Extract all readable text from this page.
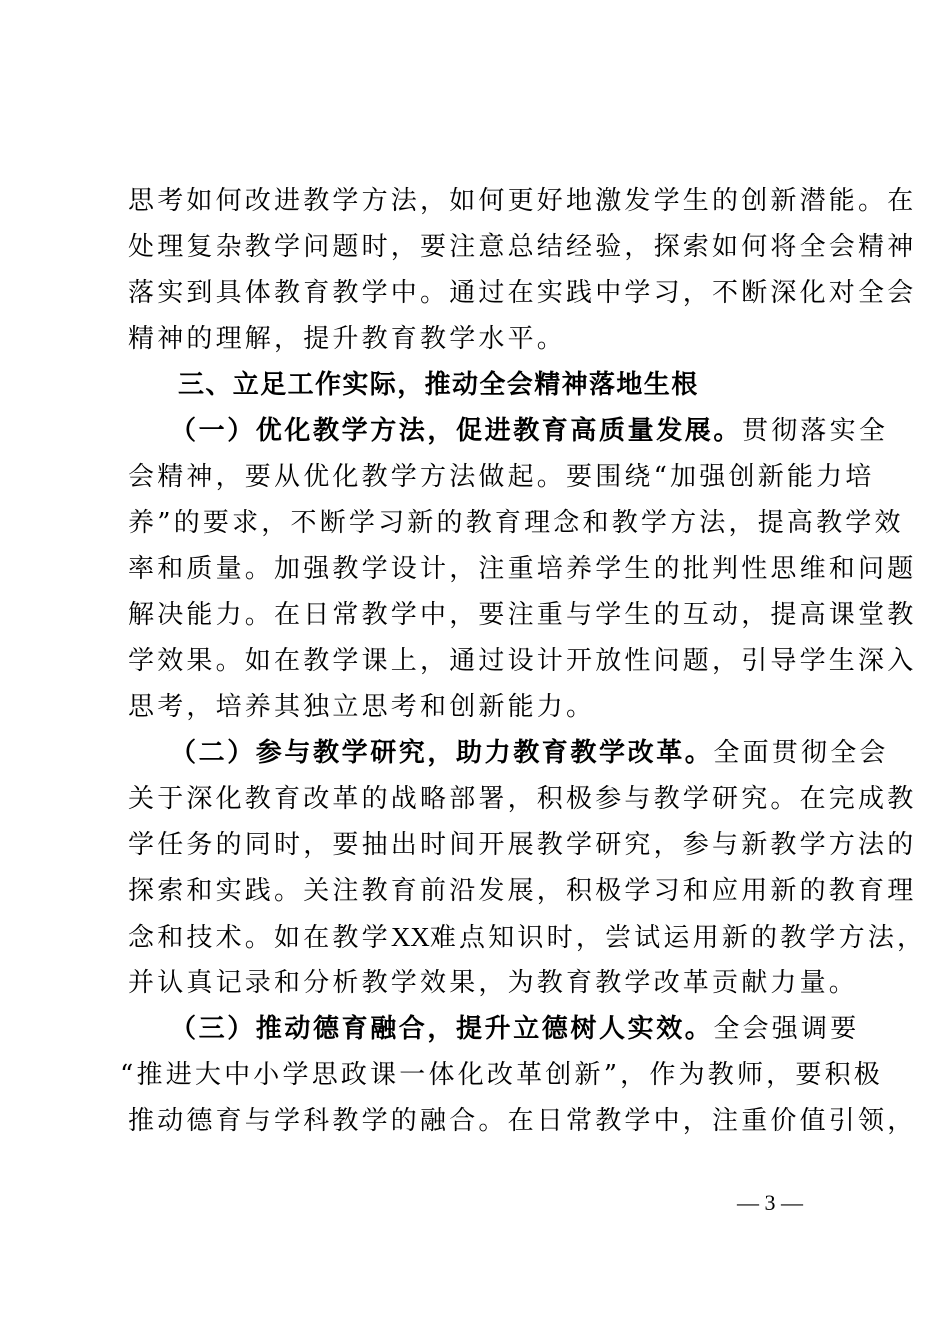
思考如何改进教学方法，如何更好地激发学生的创新潜能。在
处理复杂教学问题时，要注意总结经验，探索如何将全会精神
落实到具体教育教学中。通过在实践中学习，不断深化对全会
精神的理解，提升教育教学水平。
三、立足工作实际，推动全会精神落地生根
（一）优化教学方法，促进教育高质量发展。贯彻落实全
会精神，要从优化教学方法做起。要围绕“加强创新能力培
养”的要求，不断学习新的教育理念和教学方法，提高教学效
率和质量。加强教学设计，注重培养学生的批判性思维和问题
解决能力。在日常教学中，要注重与学生的互动，提高课堂教
学效果。如在教学课上，通过设计开放性问题，引导学生深入
思考，培养其独立思考和创新能力。
（二）参与教学研究，助力教育教学改革。全面贯彻全会
关于深化教育改革的战略部署，积极参与教学研究。在完成教
学任务的同时，要抽出时间开展教学研究，参与新教学方法的
探索和实践。关注教育前沿发展，积极学习和应用新的教育理
念和技术。如在教学XX难点知识时，尝试运用新的教学方法，
并认真记录和分析教学效果，为教育教学改革贡献力量。
（三）推动德育融合，提升立德树人实效。全会强调要
“推进大中小学思政课一体化改革创新”，作为教师，要积极
推动德育与学科教学的融合。在日常教学中，注重价值引领，
— 3 —
